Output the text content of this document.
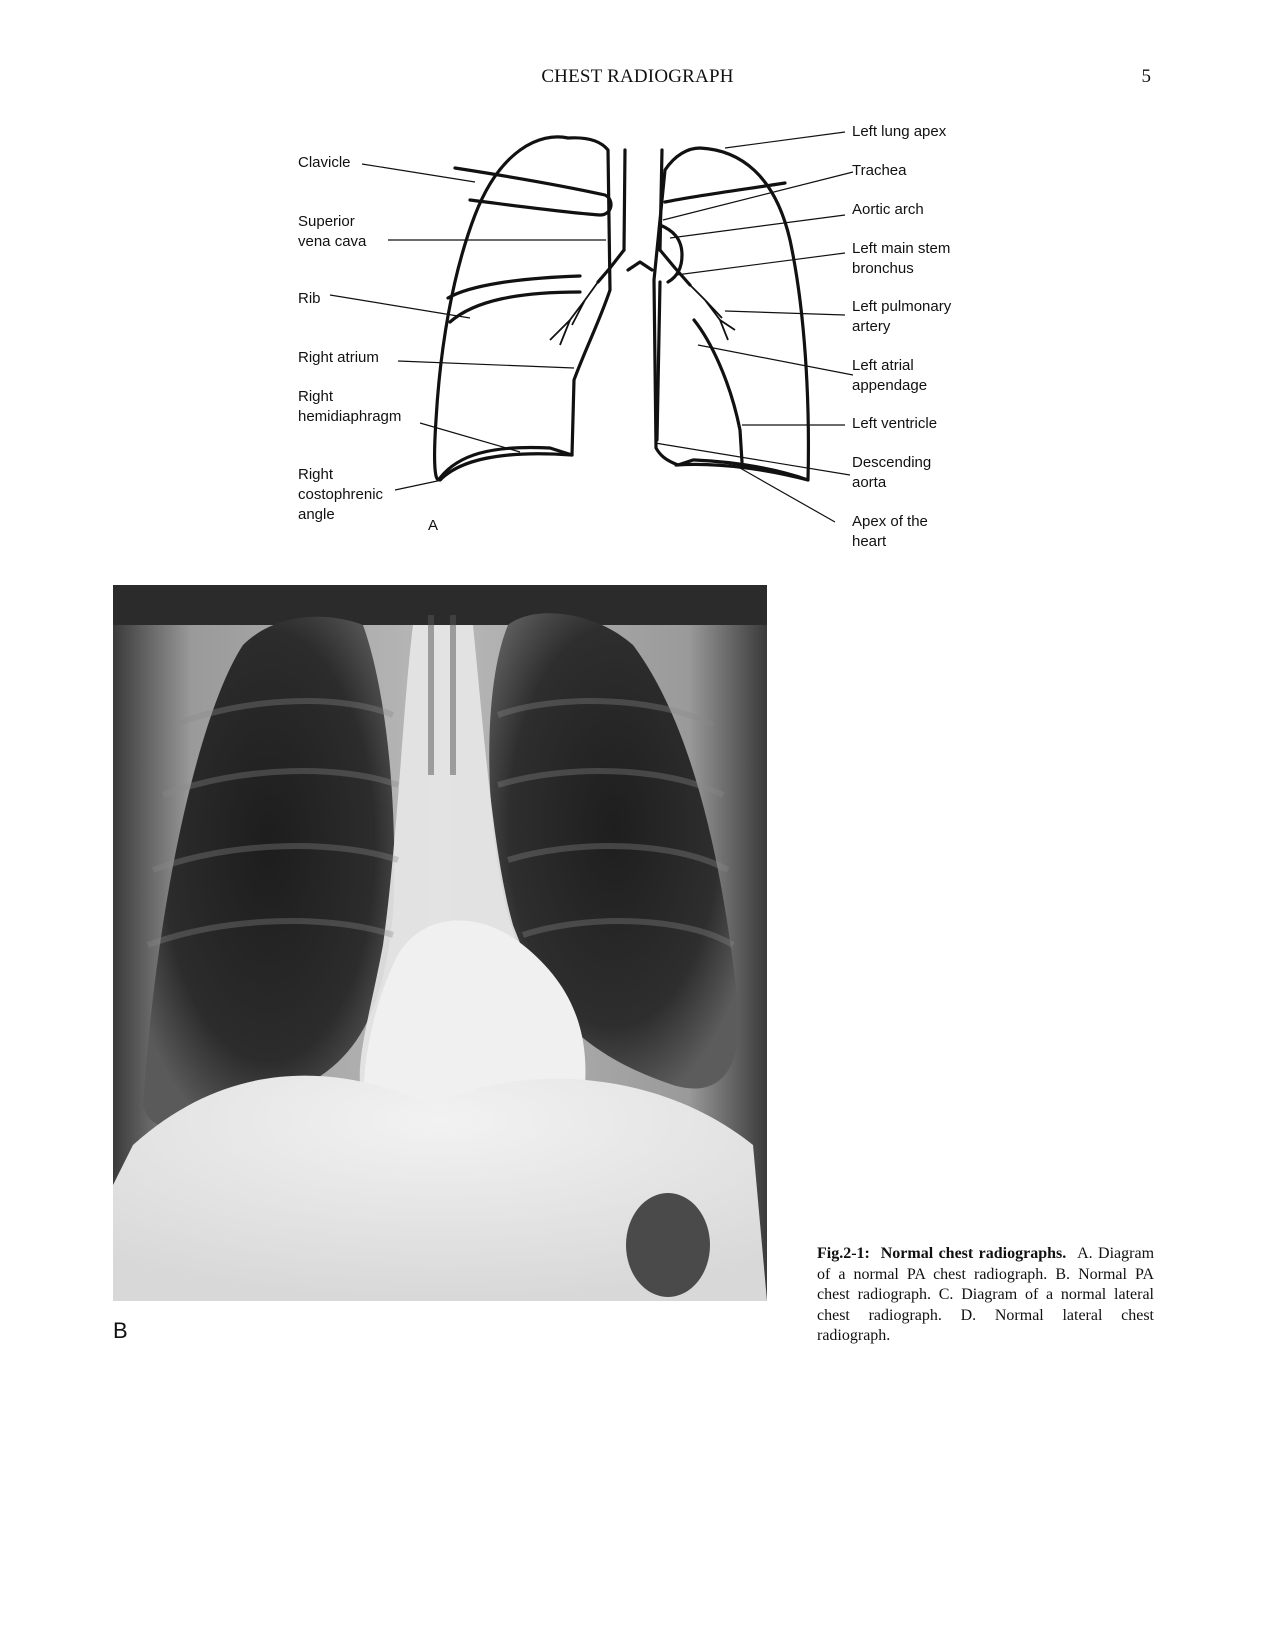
CHEST RADIOGRAPH	5
Clavicle
Superior
vena cava
Rib
Right atrium
Right
hemidiaphragm
Right
costophrenic
angle
A
Left lung apex
Trachea
Aortic arch
Left main stem
bronchus
Left pulmonary
artery
Left atrial
appendage
Left ventricle
Descending
aorta
Apex of the
heart
B
Fig.2-1: Normal chest radiographs. A. Diagram of a normal PA chest radiograph. B. Normal PA chest radiograph. C. Diagram of a normal lateral chest radiograph. D. Normal lateral chest radiograph.
